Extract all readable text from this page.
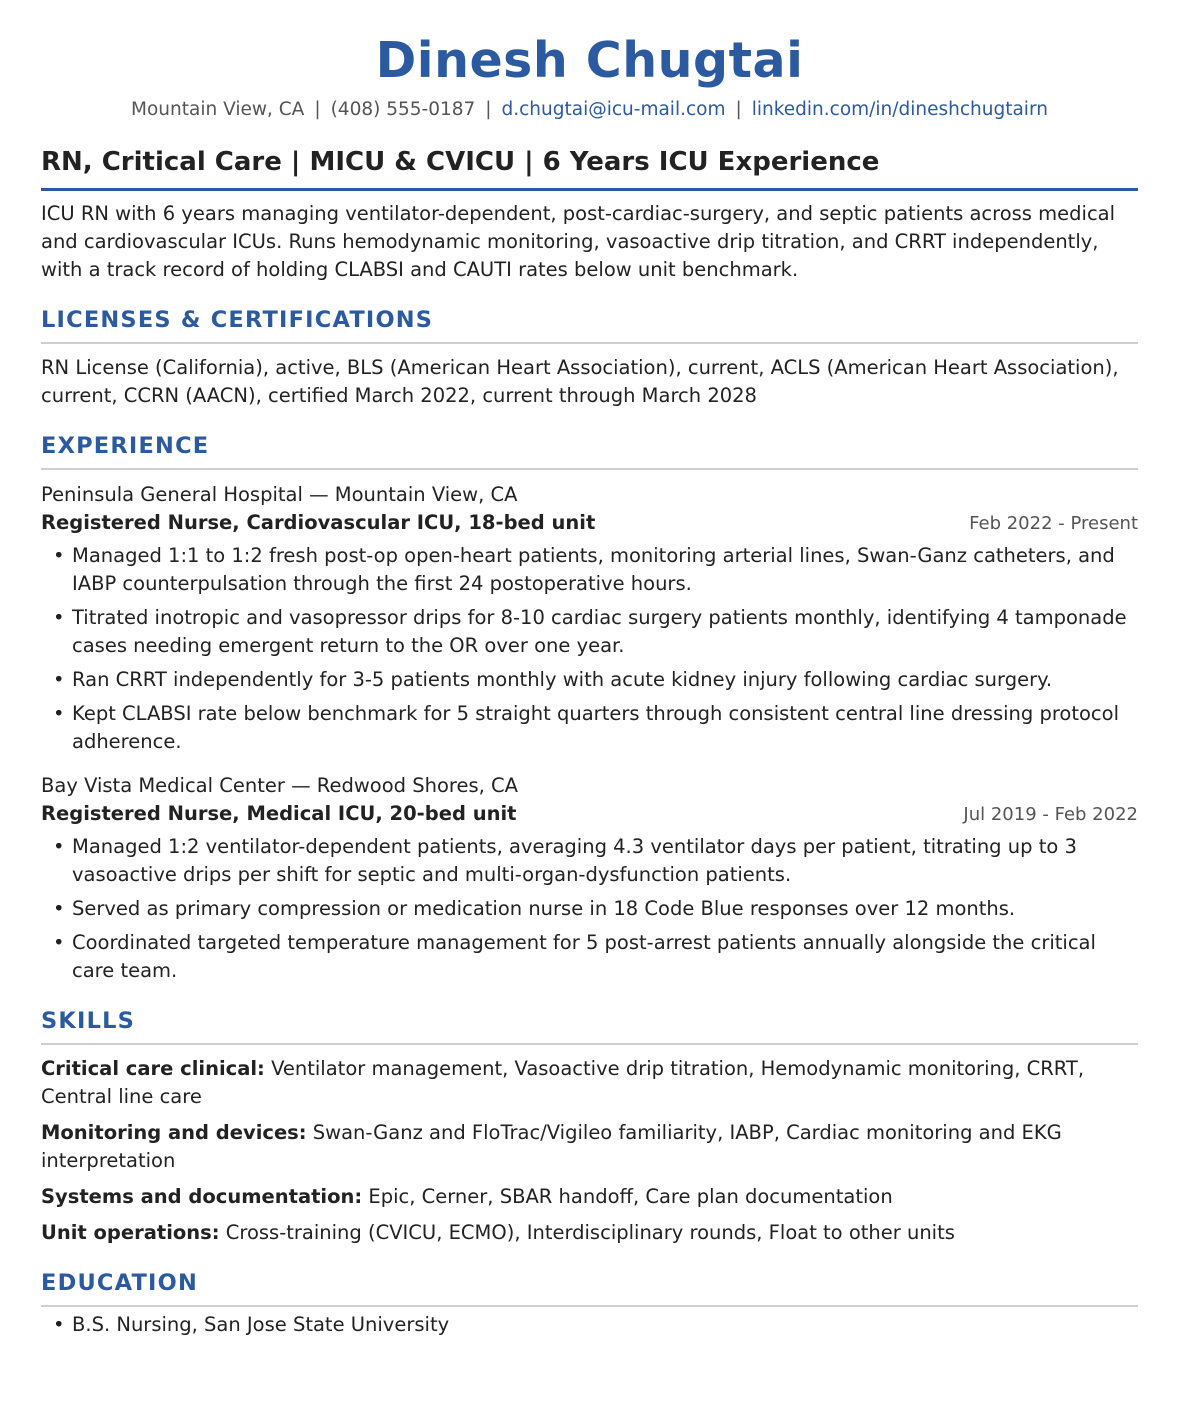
Dinesh Chugtai
Mountain View, CA | (408) 555-0187 | d.chugtai@icu-mail.com | linkedin.com/in/dineshchugtairn
RN, Critical Care | MICU & CVICU | 6 Years ICU Experience
ICU RN with 6 years managing ventilator-dependent, post-cardiac-surgery, and septic patients across medical and cardiovascular ICUs. Runs hemodynamic monitoring, vasoactive drip titration, and CRRT independently, with a track record of holding CLABSI and CAUTI rates below unit benchmark.
LICENSES & CERTIFICATIONS
RN License (California), active, BLS (American Heart Association), current, ACLS (American Heart Association), current, CCRN (AACN), certified March 2022, current through March 2028
EXPERIENCE
Peninsula General Hospital — Mountain View, CA
Registered Nurse, Cardiovascular ICU, 18-bed unit	Feb 2022 - Present
• Managed 1:1 to 1:2 fresh post-op open-heart patients, monitoring arterial lines, Swan-Ganz catheters, and IABP counterpulsation through the first 24 postoperative hours.
• Titrated inotropic and vasopressor drips for 8-10 cardiac surgery patients monthly, identifying 4 tamponade cases needing emergent return to the OR over one year.
• Ran CRRT independently for 3-5 patients monthly with acute kidney injury following cardiac surgery.
• Kept CLABSI rate below benchmark for 5 straight quarters through consistent central line dressing protocol adherence.
Bay Vista Medical Center — Redwood Shores, CA
Registered Nurse, Medical ICU, 20-bed unit	Jul 2019 - Feb 2022
• Managed 1:2 ventilator-dependent patients, averaging 4.3 ventilator days per patient, titrating up to 3 vasoactive drips per shift for septic and multi-organ-dysfunction patients.
• Served as primary compression or medication nurse in 18 Code Blue responses over 12 months.
• Coordinated targeted temperature management for 5 post-arrest patients annually alongside the critical care team.
SKILLS
Critical care clinical: Ventilator management, Vasoactive drip titration, Hemodynamic monitoring, CRRT, Central line care
Monitoring and devices: Swan-Ganz and FloTrac/Vigileo familiarity, IABP, Cardiac monitoring and EKG interpretation
Systems and documentation: Epic, Cerner, SBAR handoff, Care plan documentation
Unit operations: Cross-training (CVICU, ECMO), Interdisciplinary rounds, Float to other units
EDUCATION
• B.S. Nursing, San Jose State University
